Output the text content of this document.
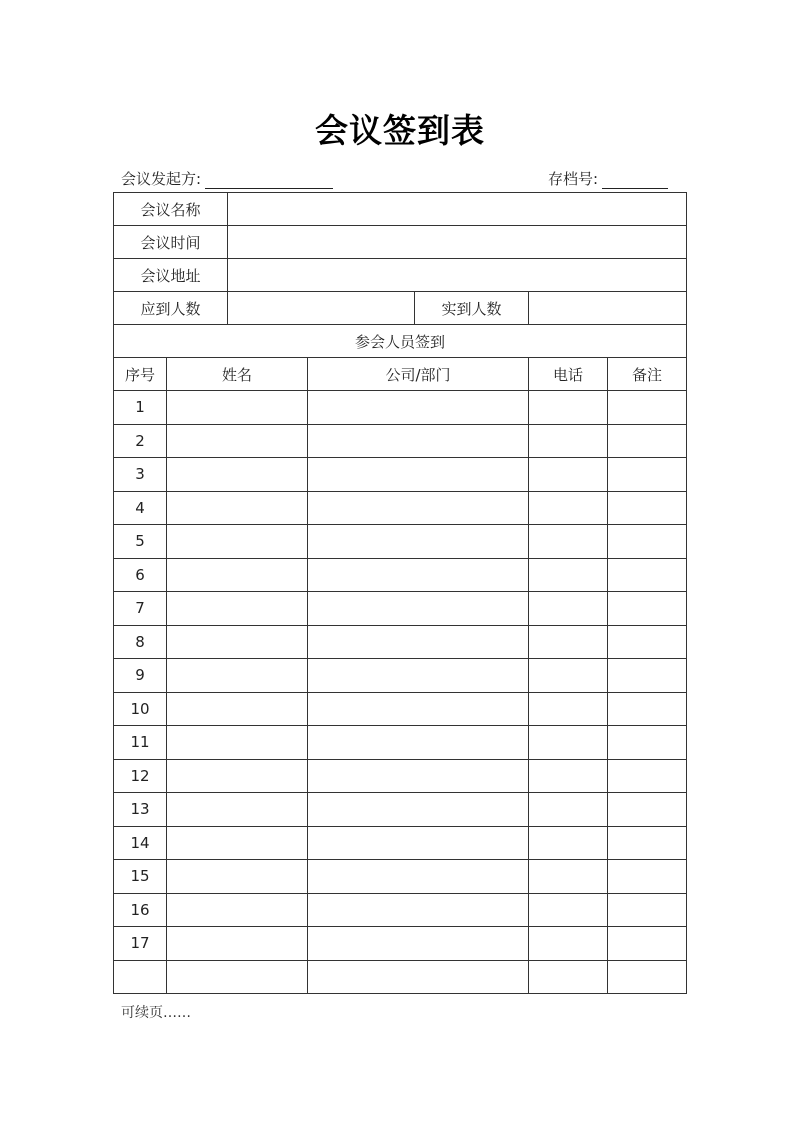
会议签到表
会议发起方:	存档号:
会议名称						
会议时间						
会议地址						
应到人数				实到人数		
参会人员签到						
序号	姓名		公司/部门		电话	备注
1						
2						
3						
4						
5						
6						
7						
8						
9						
10						
11						
12						
13						
14						
15						
16						
17						

可续页……
